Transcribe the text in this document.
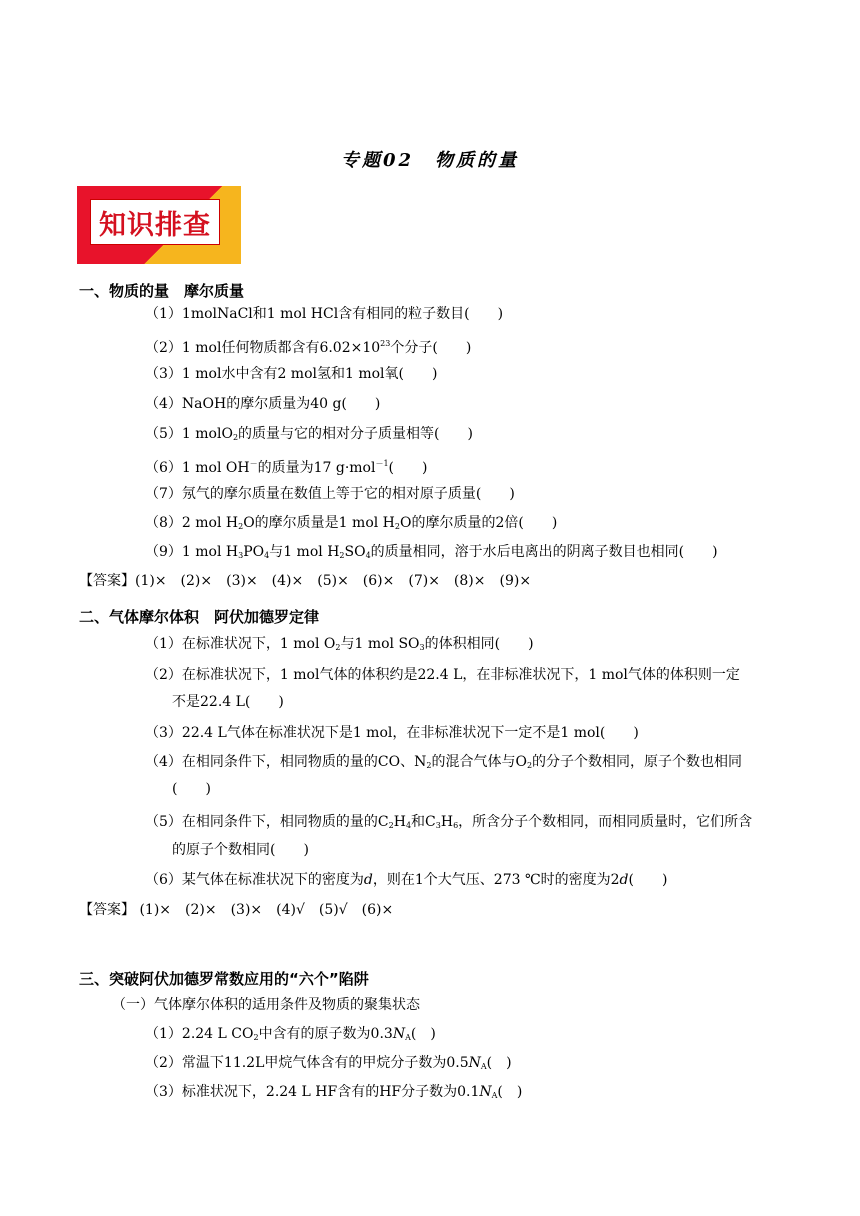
专题02　物质的量
知识排查
一、物质的量　摩尔质量
（1）1molNaCl和1 mol HCl含有相同的粒子数目(　　)
（2）1 mol任何物质都含有$6.02\times 10^{23}$个分子(　　)
（3）1 mol水中含有2 mol氢和1 mol氧(　　)
（4）NaOH的摩尔质量为40 g(　　)
（5）1 molO$_2$的质量与它的相对分子质量相等(　　)
（6）1 mol OH－的质量为17 g·mol$^{-1}$(　　)
（7）氖气的摩尔质量在数值上等于它的相对原子质量(　　)
（8）2 mol $H_2O$的摩尔质量是1 mol $H_2O$的摩尔质量的2倍(　　)
（9）1 mol $H_3PO_4$与1 mol $H_2SO_4$的质量相同，溶于水后电离出的阴离子数目也相同(　　)
【答案】(1)×　(2)×　(3)×　(4)×　(5)×　(6)×　(7)×　(8)×　(9)×
二、气体摩尔体积　阿伏加德罗定律
（1）在标准状况下，1 mol $O_2$与1 mol $SO_3$的体积相同(　　)
（2）在标准状况下，1 mol气体的体积约是22.4 L，在非标准状况下，1 mol气体的体积则一定
不是22.4 L(　　)
（3）22.4 L气体在标准状况下是1 mol，在非标准状况下一定不是1 mol(　　)
（4）在相同条件下，相同物质的量的CO、$N_2$的混合气体与$O_2$的分子个数相同，原子个数也相同
(　　)
（5）在相同条件下，相同物质的量的$C_2H_4$和$C_3H_6$，所含分子个数相同，而相同质量时，它们所含
的原子个数相同(　　)
（6）某气体在标准状况下的密度为d，则在1个大气压、273 ℃时的密度为2d(　　)
【答案】 (1)×　(2)×　(3)×　(4)√　(5)√　(6)×
三、突破阿伏加德罗常数应用的“六个”陷阱
（一）气体摩尔体积的适用条件及物质的聚集状态
（1）2.24 L $CO_2$中含有的原子数为$0.3N_A$(　)
（2）常温下11.2L甲烷气体含有的甲烷分子数为$0.5N_A$(　)
（3）标准状况下，2.24 L HF含有的HF分子数为$0.1N_A$(　)
